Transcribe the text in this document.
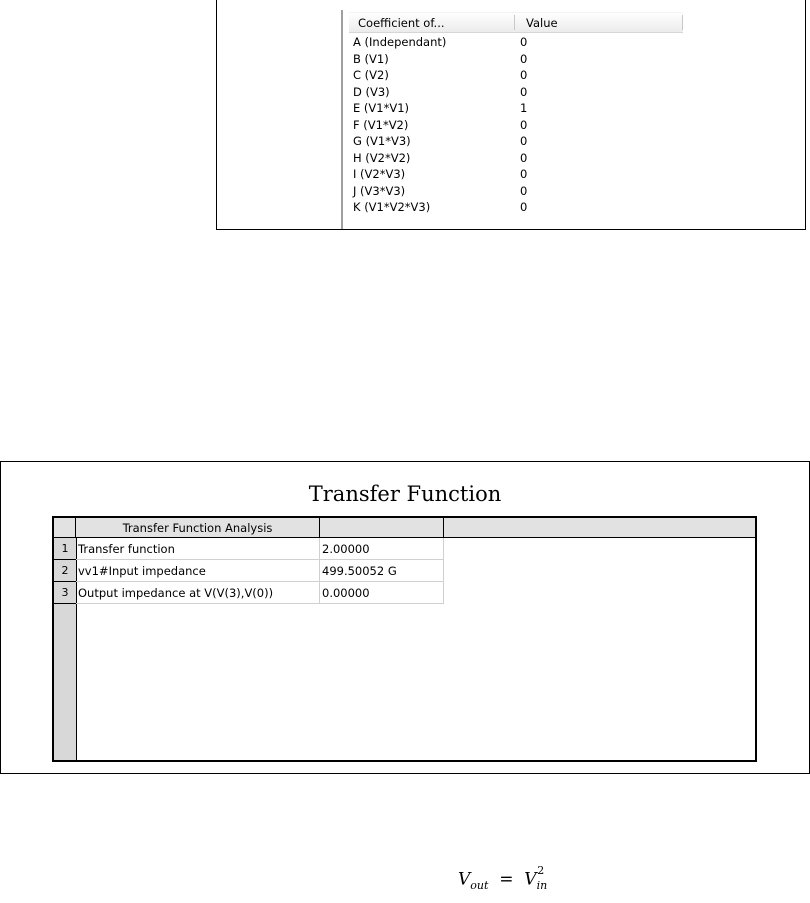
Coefficient of...	Value
A (Independant)	0
B (V1)	0
C (V2)	0
D (V3)	0
E (V1*V1)	1
F (V1*V2)	0
G (V1*V3)	0
H (V2*V2)	0
I (V2*V3)	0
J (V3*V3)	0
K (V1*V2*V3)	0
Transfer Function
Transfer Function Analysis
1 Transfer function	2.00000
2 vv1#Input impedance	499.50052 G
3 Output impedance at V(V(3),V(0))	0.00000
$V_{out} = V_{in}^2$
